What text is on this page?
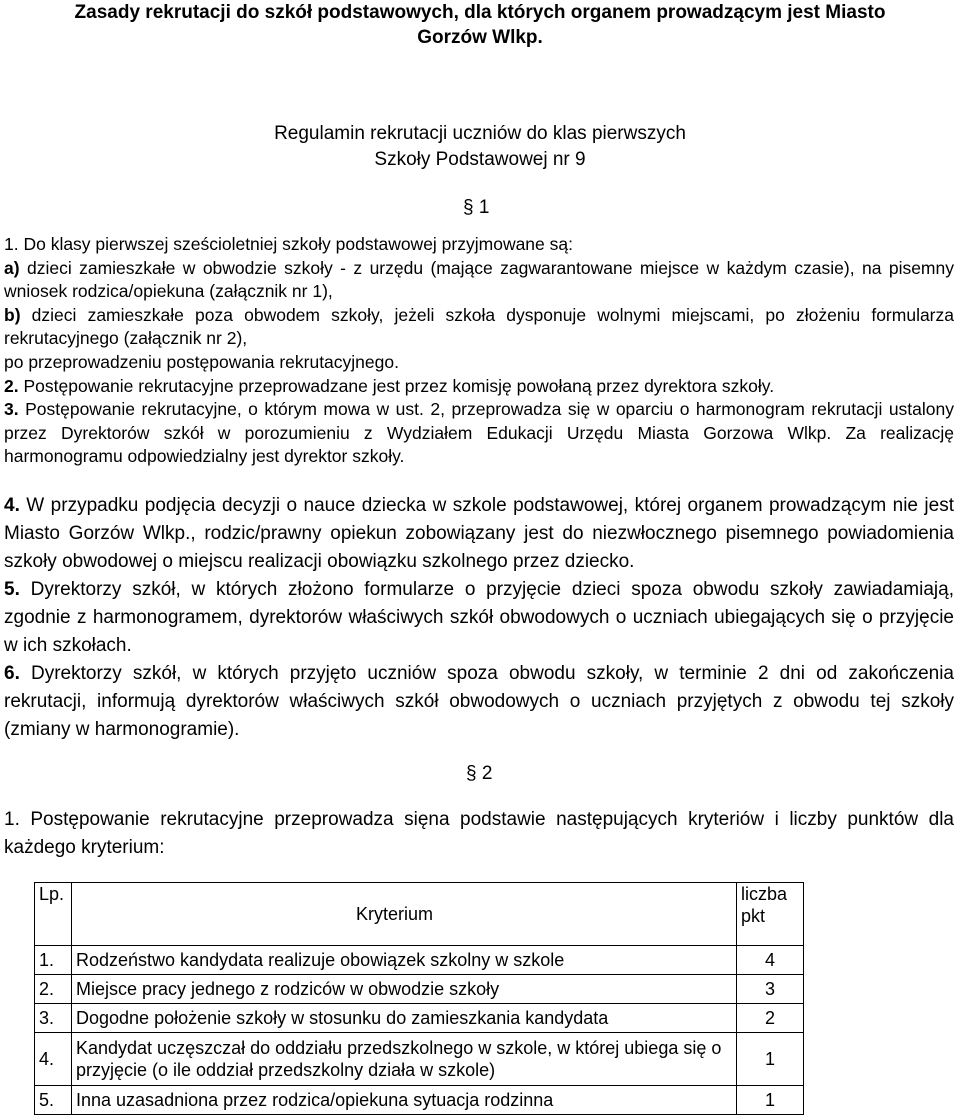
Zasady rekrutacji do szkół podstawowych, dla których organem prowadzącym jest Miasto
Gorzów Wlkp.
Regulamin rekrutacji uczniów do klas pierwszych
Szkoły Podstawowej nr 9
§ 1

1. Do klasy pierwszej sześcioletniej szkoły podstawowej przyjmowane są:

a) dzieci zamieszkałe w obwodzie szkoły - z urzędu (mające zagwarantowane miejsce w każdym czasie), na pisemny wniosek rodzica/opiekuna (załącznik nr 1),

b) dzieci zamieszkałe poza obwodem szkoły, jeżeli szkoła dysponuje wolnymi miejscami, po złożeniu formularza rekrutacyjnego (załącznik nr 2),

po przeprowadzeniu postępowania rekrutacyjnego.

2. Postępowanie rekrutacyjne przeprowadzane jest przez komisję powołaną przez dyrektora szkoły.

3. Postępowanie rekrutacyjne, o którym mowa w ust. 2, przeprowadza się w oparciu o harmonogram rekrutacji ustalony przez Dyrektorów szkół w porozumieniu z Wydziałem Edukacji Urzędu Miasta Gorzowa Wlkp. Za realizację harmonogramu odpowiedzialny jest dyrektor szkoły.

4. W przypadku podjęcia decyzji o nauce dziecka w szkole podstawowej, której organem prowadzącym nie jest Miasto Gorzów Wlkp., rodzic/prawny opiekun zobowiązany jest do niezwłocznego pisemnego powiadomienia szkoły obwodowej o miejscu realizacji obowiązku szkolnego przez dziecko.

5. Dyrektorzy szkół, w których złożono formularze o przyjęcie dzieci spoza obwodu szkoły zawiadamiają, zgodnie z harmonogramem, dyrektorów właściwych szkół obwodowych o uczniach ubiegających się o przyjęcie w ich szkołach.

6. Dyrektorzy szkół, w których przyjęto uczniów spoza obwodu szkoły, w terminie 2 dni od zakończenia rekrutacji, informują dyrektorów właściwych szkół obwodowych o uczniach przyjętych z obwodu tej szkoły (zmiany w harmonogramie).

§ 2

1. Postępowanie rekrutacyjne przeprowadza sięna podstawie następujących kryteriów i liczby punktów dla każdego kryterium:

Lp.	Kryterium	liczba pkt
1.	Rodzeństwo kandydata realizuje obowiązek szkolny w szkole	4
2.	Miejsce pracy jednego z rodziców w obwodzie szkoły	3
3.	Dogodne położenie szkoły w stosunku do zamieszkania kandydata	2
4.	Kandydat uczęszczał do oddziału przedszkolnego w szkole, w której ubiega się o przyjęcie (o ile oddział przedszkolny działa w szkole)	1
5.	Inna uzasadniona przez rodzica/opiekuna sytuacja rodzinna	1
